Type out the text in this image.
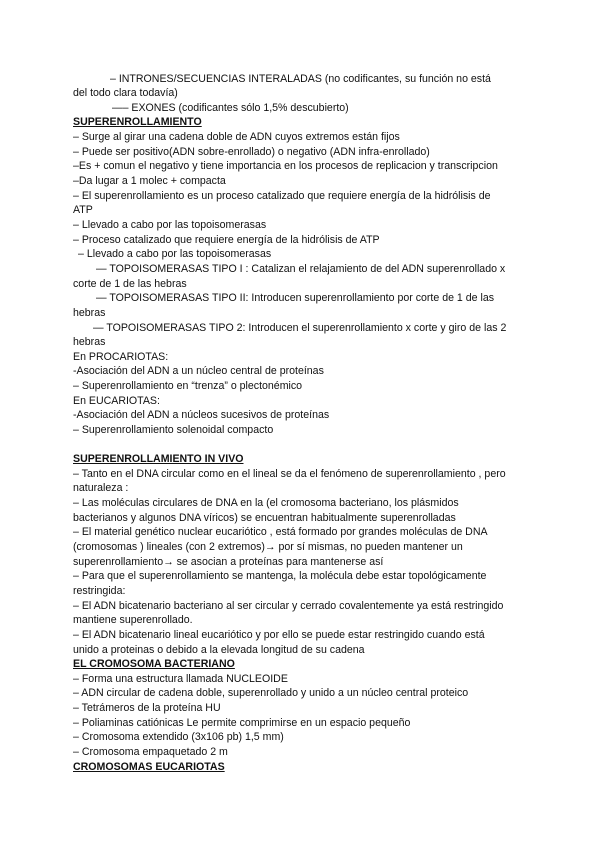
– INTRONES/SECUENCIAS INTERALADAS (no codificantes, su función no está
del todo clara todavía)
—– EXONES (codificantes sólo 1,5% descubierto)
SUPERENROLLAMIENTO
– Surge al girar una cadena doble de ADN cuyos extremos están fijos
– Puede ser positivo(ADN sobre-enrollado) o negativo (ADN infra-enrollado)
–Es + comun el negativo y tiene importancia en los procesos de replicacion y transcripcion
–Da lugar a 1 molec + compacta
– El superenrollamiento es un proceso catalizado que requiere energía de la hidrólisis de
ATP
– Llevado a cabo por las topoisomerasas
– Proceso catalizado que requiere energía de la hidrólisis de ATP
– Llevado a cabo por las topoisomerasas
— TOPOISOMERASAS TIPO I : Catalizan el relajamiento de del ADN superenrollado x
corte de 1 de las hebras
— TOPOISOMERASAS TIPO II: Introducen superenrollamiento por corte de 1 de las
hebras
— TOPOISOMERASAS TIPO 2: Introducen el superenrollamiento x corte y giro de las 2
hebras
En PROCARIOTAS:
-Asociación del ADN a un núcleo central de proteínas
– Superenrollamiento en “trenza” o plectonémico
En EUCARIOTAS:
-Asociación del ADN a núcleos sucesivos de proteínas
– Superenrollamiento solenoidal compacto
SUPERENROLLAMIENTO IN VIVO
– Tanto en el DNA circular como en el lineal se da el fenómeno de superenrollamiento , pero
naturaleza :
– Las moléculas circulares de DNA en la (el cromosoma bacteriano, los plásmidos
bacterianos y algunos DNA víricos) se encuentran habitualmente superenrolladas
– El material genético nuclear eucariótico , está formado por grandes moléculas de DNA
(cromosomas ) lineales (con 2 extremos)→ por sí mismas, no pueden mantener un
superenrollamiento→ se asocian a proteínas para mantenerse así
– Para que el superenrollamiento se mantenga, la molécula debe estar topológicamente
restringida:
– El ADN bicatenario bacteriano al ser circular y cerrado covalentemente ya está restringido
mantiene superenrollado.
– El ADN bicatenario lineal eucariótico y por ello se puede estar restringido cuando está
unido a proteinas o debido a la elevada longitud de su cadena
EL CROMOSOMA BACTERIANO
– Forma una estructura llamada NUCLEOIDE
– ADN circular de cadena doble, superenrollado y unido a un núcleo central proteico
– Tetrámeros de la proteína HU
– Poliaminas catiónicas Le permite comprimirse en un espacio pequeño
– Cromosoma extendido (3x106 pb) 1,5 mm)
– Cromosoma empaquetado 2 m
CROMOSOMAS EUCARIOTAS
